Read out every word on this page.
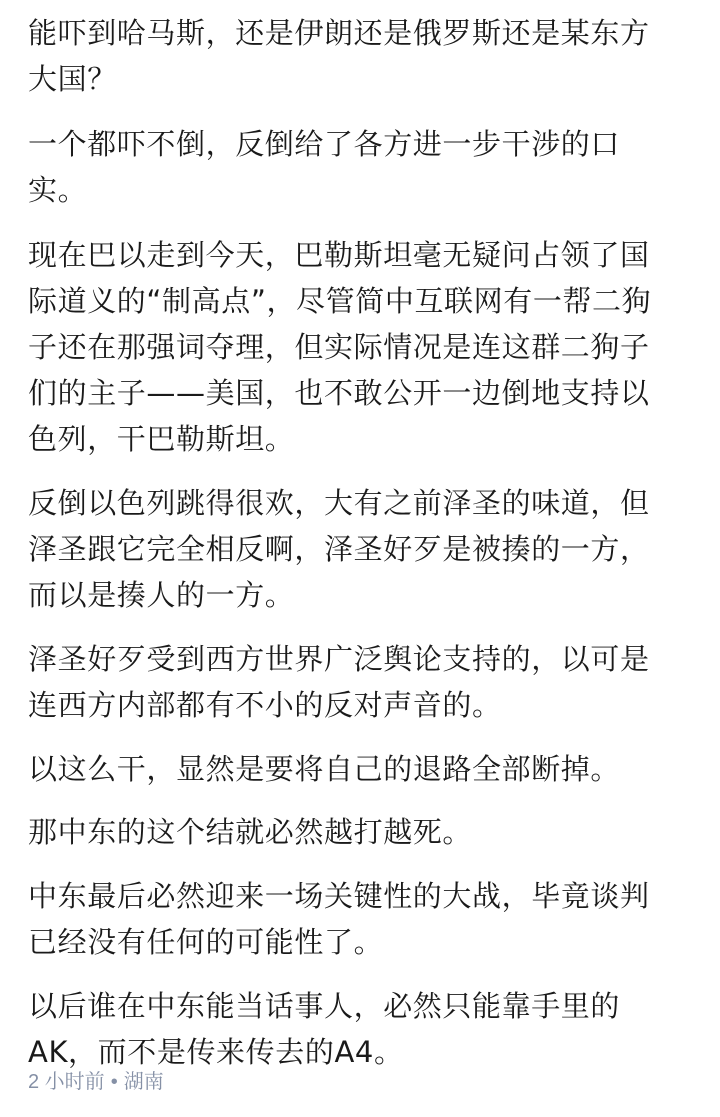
能吓到哈马斯，还是伊朗还是俄罗斯还是某东方
大国？

一个都吓不倒，反倒给了各方进一步干涉的口
实。

现在巴以走到今天，巴勒斯坦毫无疑问占领了国
际道义的“制高点”，尽管简中互联网有一帮二狗
子还在那强词夺理，但实际情况是连这群二狗子
们的主子——美国，也不敢公开一边倒地支持以
色列，干巴勒斯坦。

反倒以色列跳得很欢，大有之前泽圣的味道，但
泽圣跟它完全相反啊，泽圣好歹是被揍的一方，
而以是揍人的一方。

泽圣好歹受到西方世界广泛舆论支持的，以可是
连西方内部都有不小的反对声音的。

以这么干，显然是要将自己的退路全部断掉。

那中东的这个结就必然越打越死。

中东最后必然迎来一场关键性的大战，毕竟谈判
已经没有任何的可能性了。

以后谁在中东能当话事人，必然只能靠手里的
AK，而不是传来传去的A4。

2 小时前 • 湖南
